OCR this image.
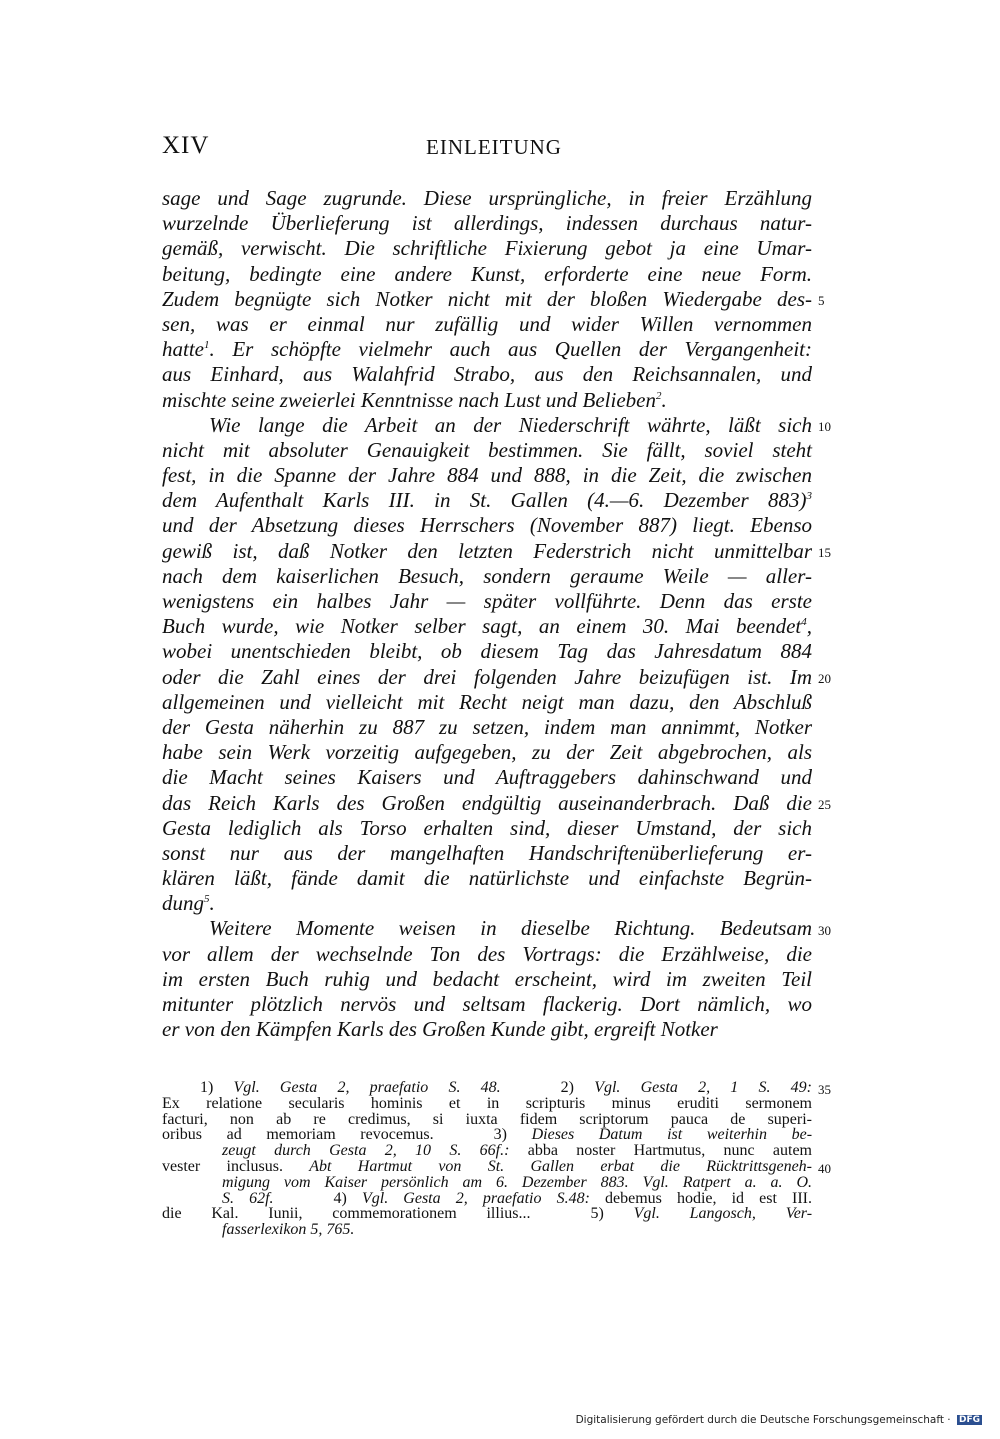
XIV	EINLEITUNG
sage und Sage zugrunde. Diese ursprüngliche, in freier Erzählung
wurzelnde Überlieferung ist allerdings, indessen durchaus natur-
gemäß, verwischt. Die schriftliche Fixierung gebot ja eine Umar-
beitung, bedingte eine andere Kunst, erforderte eine neue Form.
Zudem begnügte sich Notker nicht mit der bloßen Wiedergabe des-
sen, was er einmal nur zufällig und wider Willen vernommen
hatte$^1$. Er schöpfte vielmehr auch aus Quellen der Vergangenheit:
aus Einhard, aus Walahfrid Strabo, aus den Reichsannalen, und
mischte seine zweierlei Kenntnisse nach Lust und Belieben$^2$.
Wie lange die Arbeit an der Niederschrift währte, läßt sich
nicht mit absoluter Genauigkeit bestimmen. Sie fällt, soviel steht
fest, in die Spanne der Jahre 884 und 888, in die Zeit, die zwischen
dem Aufenthalt Karls III. in St. Gallen (4.—6. Dezember 883)$^3$
und der Absetzung dieses Herrschers (November 887) liegt. Ebenso
gewiß ist, daß Notker den letzten Federstrich nicht unmittelbar
nach dem kaiserlichen Besuch, sondern geraume Weile — aller-
wenigstens ein halbes Jahr — später vollführte. Denn das erste
Buch wurde, wie Notker selber sagt, an einem 30. Mai beendet$^4$,
wobei unentschieden bleibt, ob diesem Tag das Jahresdatum 884
oder die Zahl eines der drei folgenden Jahre beizufügen ist. Im
allgemeinen und vielleicht mit Recht neigt man dazu, den Abschluß
der Gesta näherhin zu 887 zu setzen, indem man annimmt, Notker
habe sein Werk vorzeitig aufgegeben, zu der Zeit abgebrochen, als
die Macht seines Kaisers und Auftraggebers dahinschwand und
das Reich Karls des Großen endgültig auseinanderbrach. Daß die
Gesta lediglich als Torso erhalten sind, dieser Umstand, der sich
sonst nur aus der mangelhaften Handschriftenüberlieferung er-
klären läßt, fände damit die natürlichste und einfachste Begrün-
dung$^5$.
Weitere Momente weisen in dieselbe Richtung. Bedeutsam
vor allem der wechselnde Ton des Vortrags: die Erzählweise, die
im ersten Buch ruhig und bedacht erscheint, wird im zweiten Teil
mitunter plötzlich nervös und seltsam flackerig. Dort nämlich, wo
er von den Kämpfen Karls des Großen Kunde gibt, ergreift Notker
5
10
15
20
25
30
1) Vgl. Gesta 2, praefatio S. 48.	2) Vgl. Gesta 2, 1 S. 49:
Ex relatione secularis hominis et in scripturis minus eruditi sermonem
facturi, non ab re credimus, si iuxta fidem scriptorum pauca de superi-
oribus ad memoriam revocemus.	3) Dieses Datum ist weiterhin be-
zeugt durch Gesta 2, 10 S. 66f.: abba noster Hartmutus, nunc autem
vester inclusus. Abt Hartmut von St. Gallen erbat die Rücktrittsgeneh-
migung vom Kaiser persönlich am 6. Dezember 883. Vgl. Ratpert a. a. O.
S. 62f.	4) Vgl. Gesta 2, praefatio S.48: debemus hodie, id est III.
die Kal. Iunii, commemorationem illius...	5) Vgl. Langosch, Ver-
fasserlexikon 5, 765.
35
40
Digitalisierung gefördert durch die Deutsche Forschungsgemeinschaft · DFG
